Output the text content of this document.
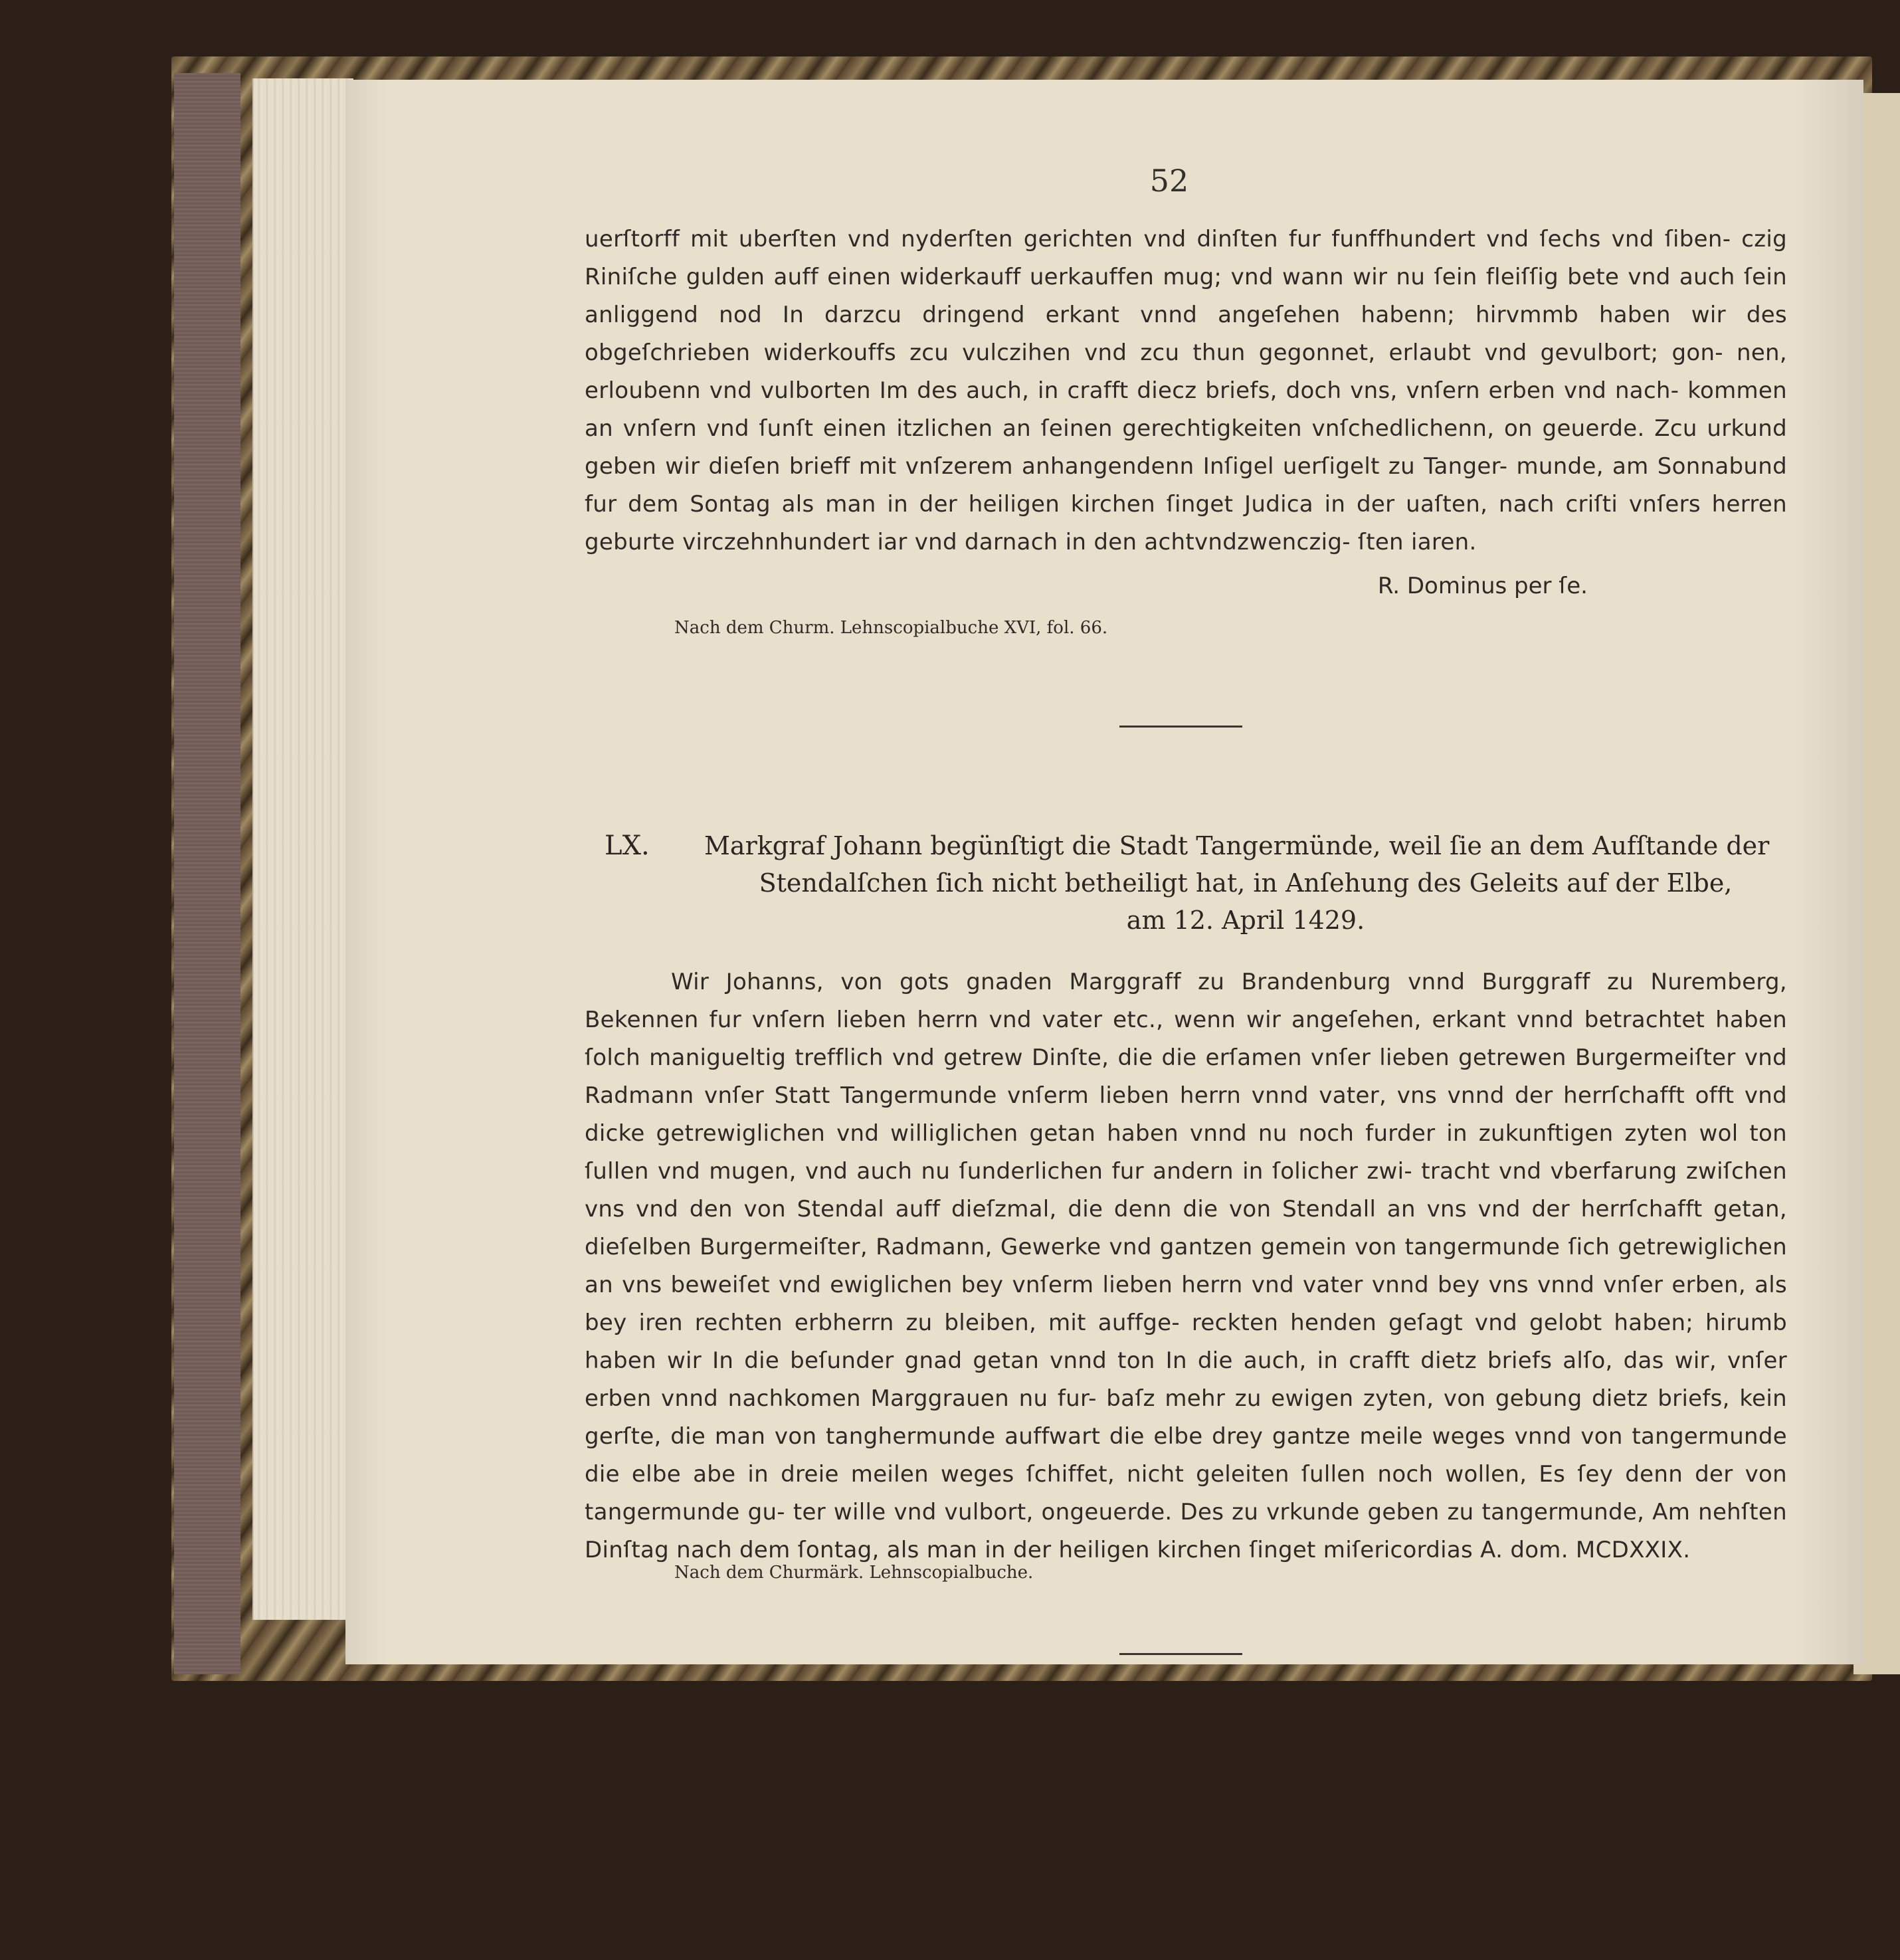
52
uerſtorff mit uberſten vnd nyderſten gerichten vnd dinſten fur funffhundert vnd ſechs vnd ſiben- czig Riniſche gulden auff einen widerkauff uerkauffen mug; vnd wann wir nu ſein fleiſſig bete vnd auch ſein anliggend nod In darzcu dringend erkant vnnd angeſehen habenn; hirvmmb haben wir des obgeſchrieben widerkouffs zcu vulczihen vnd zcu thun gegonnet, erlaubt vnd gevulbort; gon- nen, erloubenn vnd vulborten Im des auch, in crafft diecz briefs, doch vns, vnſern erben vnd nach- kommen an vnſern vnd ſunſt einen itzlichen an ſeinen gerechtigkeiten vnſchedlichenn, on geuerde. Zcu urkund geben wir dieſen brieff mit vnſzerem anhangendenn Inſigel uerſigelt zu Tanger- munde, am Sonnabund fur dem Sontag als man in der heiligen kirchen ſinget Judica in der uaſten, nach criſti vnſers herren geburte virczehnhundert iar vnd darnach in den achtvndzwenczig- ſten iaren.
R. Dominus per ſe.
Nach dem Churm. Lehnscopialbuche XVI, fol. 66.
LX. Markgraf Johann begünſtigt die Stadt Tangermünde, weil ſie an dem Aufſtande der
Stendalſchen ſich nicht betheiligt hat, in Anſehung des Geleits auf der Elbe,
am 12. April 1429.
Wir Johanns, von gots gnaden Marggraff zu Brandenburg vnnd Burggraff zu Nuremberg, Bekennen fur vnſern lieben herrn vnd vater etc., wenn wir angeſehen, erkant vnnd betrachtet haben ſolch manigueltig trefflich vnd getrew Dinſte, die die erſamen vnſer lieben getrewen Burgermeiſter vnd Radmann vnſer Statt Tangermunde vnſerm lieben herrn vnnd vater, vns vnnd der herrſchafft offt vnd dicke getrewiglichen vnd williglichen getan haben vnnd nu noch furder in zukunftigen zyten wol ton ſullen vnd mugen, vnd auch nu ſunderlichen fur andern in ſolicher zwi- tracht vnd vberfarung zwiſchen vns vnd den von Stendal auff dieſzmal, die denn die von Stendall an vns vnd der herrſchafft getan, dieſelben Burgermeiſter, Radmann, Gewerke vnd gantzen gemein von tangermunde ſich getrewiglichen an vns beweiſet vnd ewiglichen bey vnſerm lieben herrn vnd vater vnnd bey vns vnnd vnſer erben, als bey iren rechten erbherrn zu bleiben, mit auffge- reckten henden geſagt vnd gelobt haben; hirumb haben wir In die beſunder gnad getan vnnd ton In die auch, in crafft dietz briefs alſo, das wir, vnſer erben vnnd nachkomen Marggrauen nu fur- baſz mehr zu ewigen zyten, von gebung dietz briefs, kein gerſte, die man von tanghermunde auffwart die elbe drey gantze meile weges vnnd von tangermunde die elbe abe in dreie meilen weges ſchiffet, nicht geleiten ſullen noch wollen, Es ſey denn der von tangermunde gu- ter wille vnd vulbort, ongeuerde. Des zu vrkunde geben zu tangermunde, Am nehſten Dinſtag nach dem ſontag, als man in der heiligen kirchen ſinget miſericordias A. dom. MCDXXIX.
Nach dem Churmärk. Lehnscopialbuche.
